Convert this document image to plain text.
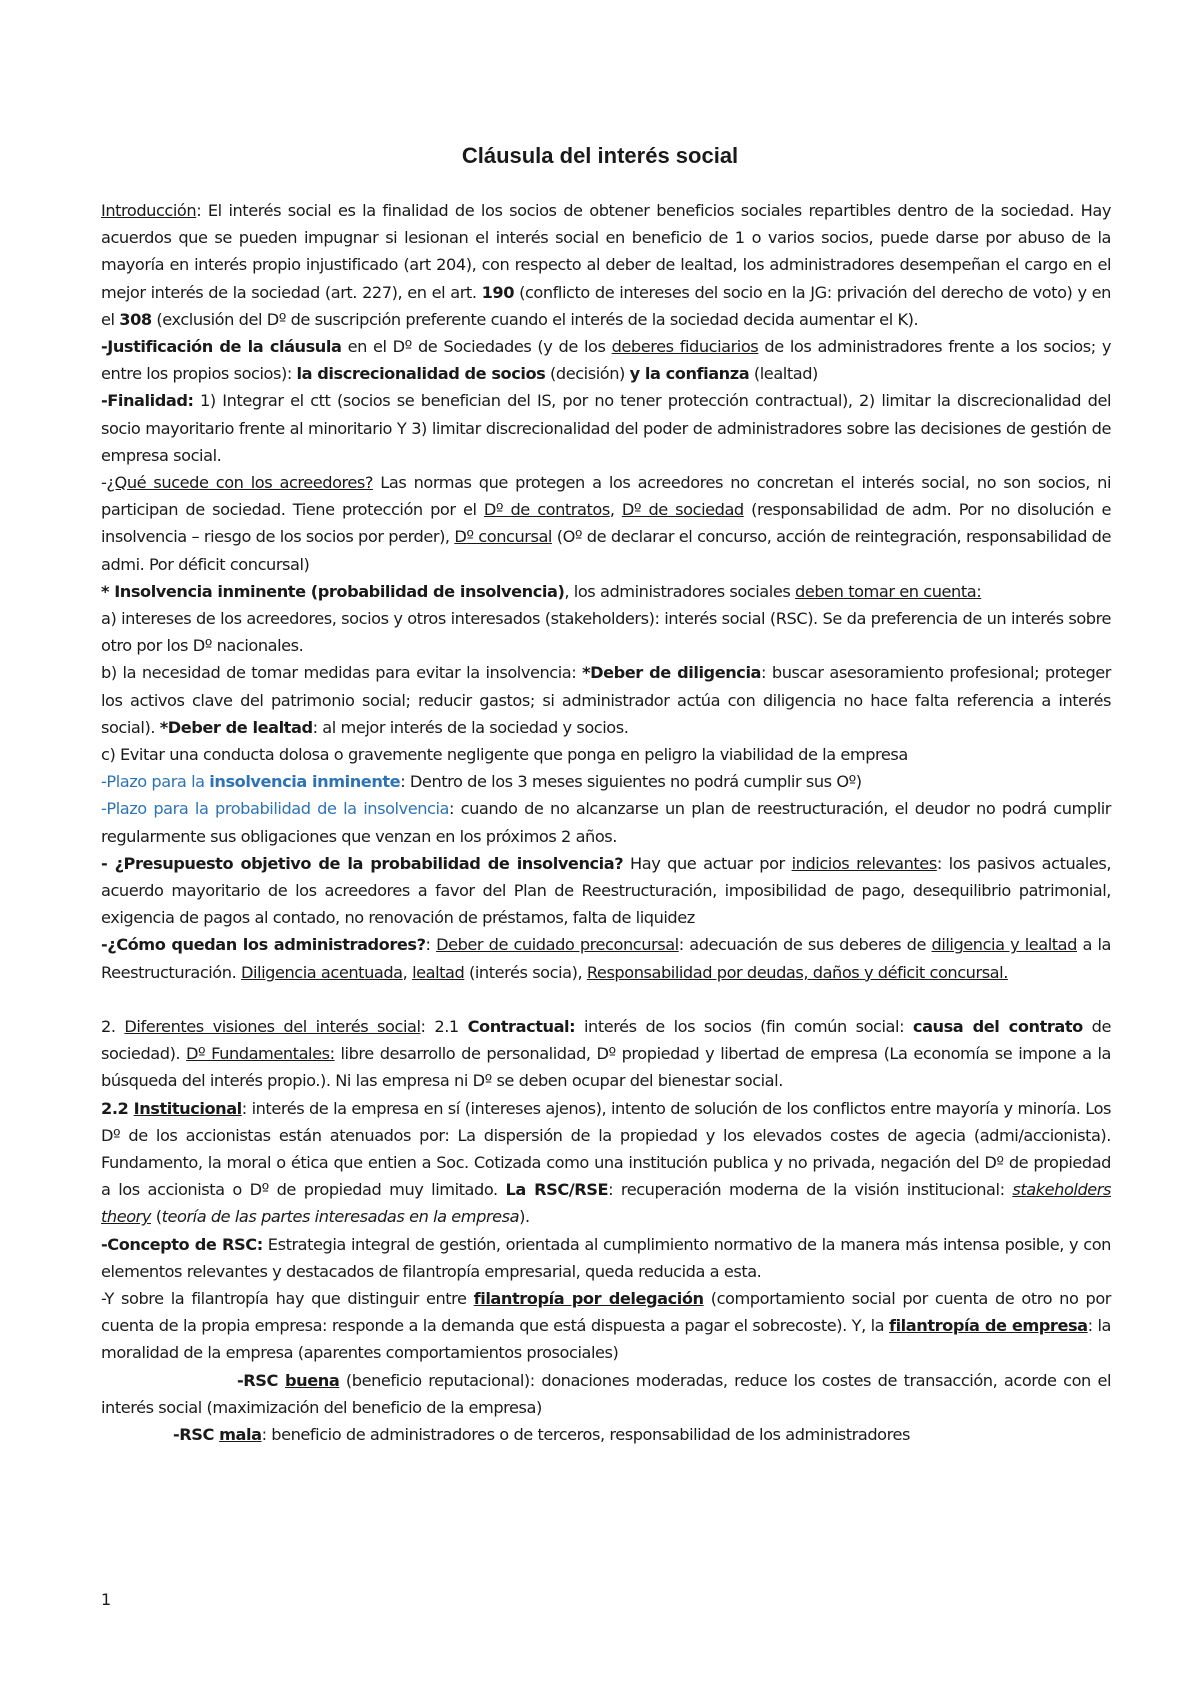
Cláusula del interés social

Introducción: El interés social es la finalidad de los socios de obtener beneficios sociales repartibles dentro de la sociedad. Hay acuerdos que se pueden impugnar si lesionan el interés social en beneficio de 1 o varios socios, puede darse por abuso de la mayoría en interés propio injustificado (art 204), con respecto al deber de lealtad, los administradores desempeñan el cargo en el mejor interés de la sociedad (art. 227), en el art. 190 (conflicto de intereses del socio en la JG: privación del derecho de voto) y en el 308 (exclusión del Dº de suscripción preferente cuando el interés de la sociedad decida aumentar el K).

-Justificación de la cláusula en el Dº de Sociedades (y de los deberes fiduciarios de los administradores frente a los socios; y entre los propios socios): la discrecionalidad de socios (decisión) y la confianza (lealtad)

-Finalidad: 1) Integrar el ctt (socios se benefician del IS, por no tener protección contractual), 2) limitar la discrecionalidad del socio mayoritario frente al minoritario Y 3) limitar discrecionalidad del poder de administradores sobre las decisiones de gestión de empresa social.

-¿Qué sucede con los acreedores? Las normas que protegen a los acreedores no concretan el interés social, no son socios, ni participan de sociedad. Tiene protección por el Dº de contratos, Dº de sociedad (responsabilidad de adm. Por no disolución e insolvencia – riesgo de los socios por perder), Dº concursal (Oº de declarar el concurso, acción de reintegración, responsabilidad de admi. Por déficit concursal)

* Insolvencia inminente (probabilidad de insolvencia), los administradores sociales deben tomar en cuenta:

a) intereses de los acreedores, socios y otros interesados (stakeholders): interés social (RSC). Se da preferencia de un interés sobre otro por los Dº nacionales.

b) la necesidad de tomar medidas para evitar la insolvencia: *Deber de diligencia: buscar asesoramiento profesional; proteger los activos clave del patrimonio social; reducir gastos; si administrador actúa con diligencia no hace falta referencia a interés social). *Deber de lealtad: al mejor interés de la sociedad y socios.

c) Evitar una conducta dolosa o gravemente negligente que ponga en peligro la viabilidad de la empresa

-Plazo para la insolvencia inminente: Dentro de los 3 meses siguientes no podrá cumplir sus Oº)

-Plazo para la probabilidad de la insolvencia: cuando de no alcanzarse un plan de reestructuración, el deudor no podrá cumplir regularmente sus obligaciones que venzan en los próximos 2 años.

- ¿Presupuesto objetivo de la probabilidad de insolvencia? Hay que actuar por indicios relevantes: los pasivos actuales, acuerdo mayoritario de los acreedores a favor del Plan de Reestructuración, imposibilidad de pago, desequilibrio patrimonial, exigencia de pagos al contado, no renovación de préstamos, falta de liquidez

-¿Cómo quedan los administradores?: Deber de cuidado preconcursal: adecuación de sus deberes de diligencia y lealtad a la Reestructuración. Diligencia acentuada, lealtad (interés socia), Responsabilidad por deudas, daños y déficit concursal.

2. Diferentes visiones del interés social: 2.1 Contractual: interés de los socios (fin común social: causa del contrato de sociedad). Dº Fundamentales: libre desarrollo de personalidad, Dº propiedad y libertad de empresa (La economía se impone a la búsqueda del interés propio.). Ni las empresa ni Dº se deben ocupar del bienestar social.

2.2 Institucional: interés de la empresa en sí (intereses ajenos), intento de solución de los conflictos entre mayoría y minoría. Los Dº de los accionistas están atenuados por: La dispersión de la propiedad y los elevados costes de agecia (admi/accionista). Fundamento, la moral o ética que entien a Soc. Cotizada como una institución publica y no privada, negación del Dº de propiedad a los accionista o Dº de propiedad muy limitado. La RSC/RSE: recuperación moderna de la visión institucional: stakeholders theory (teoría de las partes interesadas en la empresa).

-Concepto de RSC: Estrategia integral de gestión, orientada al cumplimiento normativo de la manera más intensa posible, y con elementos relevantes y destacados de filantropía empresarial, queda reducida a esta.

-Y sobre la filantropía hay que distinguir entre filantropía por delegación (comportamiento social por cuenta de otro no por cuenta de la propia empresa: responde a la demanda que está dispuesta a pagar el sobrecoste). Y, la filantropía de empresa: la moralidad de la empresa (aparentes comportamientos prosociales)

-RSC buena (beneficio reputacional): donaciones moderadas, reduce los costes de transacción, acorde con el interés social (maximización del beneficio de la empresa)

-RSC mala: beneficio de administradores o de terceros, responsabilidad de los administradores

1
